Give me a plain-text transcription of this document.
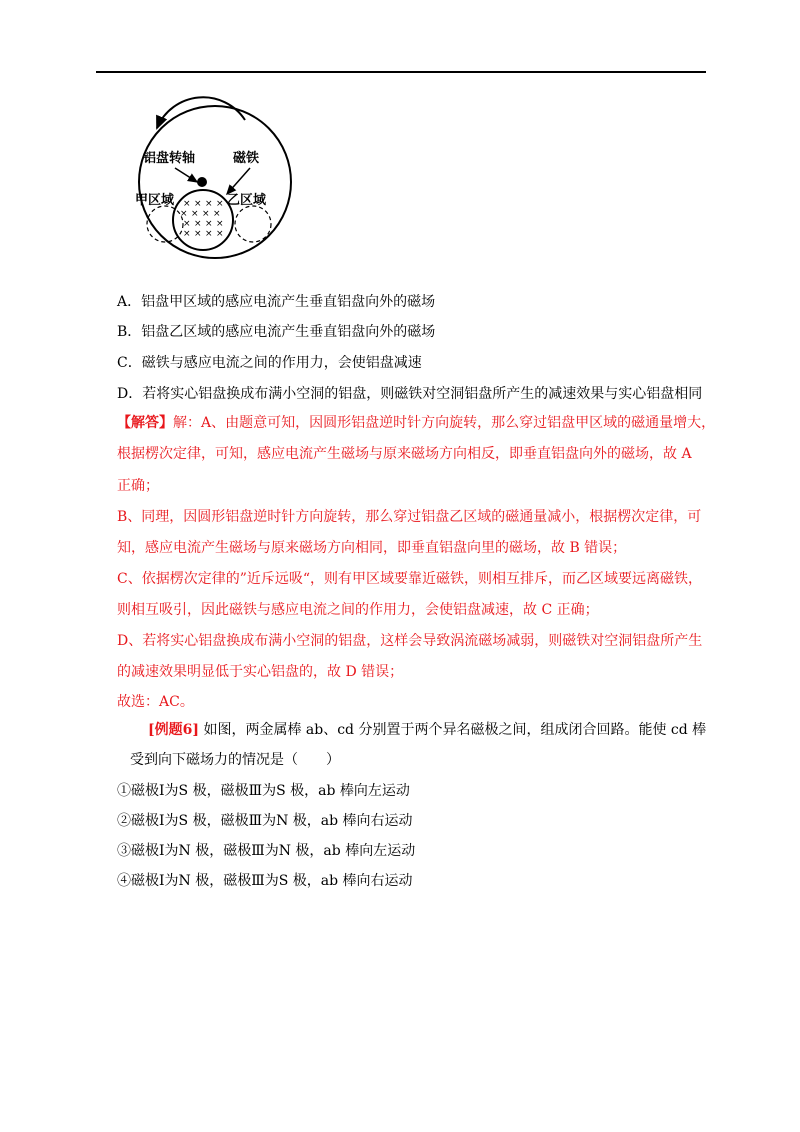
铝盘转轴	磁铁
甲区域	乙区域
× × × ×
× × × ×
× × × ×
× × × ×
A．铝盘甲区域的感应电流产生垂直铝盘向外的磁场
B．铝盘乙区域的感应电流产生垂直铝盘向外的磁场
C．磁铁与感应电流之间的作用力，会使铝盘减速
D．若将实心铝盘换成布满小空洞的铝盘，则磁铁对空洞铝盘所产生的减速效果与实心铝盘相同
【解答】解：A、由题意可知，因圆形铝盘逆时针方向旋转，那么穿过铝盘甲区域的磁通量增大，
根据楞次定律，可知，感应电流产生磁场与原来磁场方向相反，即垂直铝盘向外的磁场，故 A
正确；
B、同理，因圆形铝盘逆时针方向旋转，那么穿过铝盘乙区域的磁通量减小，根据楞次定律，可
知，感应电流产生磁场与原来磁场方向相同，即垂直铝盘向里的磁场，故 B 错误；
C、依据楞次定律的”近斥远吸“，则有甲区域要靠近磁铁，则相互排斥，而乙区域要远离磁铁，
则相互吸引，因此磁铁与感应电流之间的作用力，会使铝盘减速，故 C 正确；
D、若将实心铝盘换成布满小空洞的铝盘，这样会导致涡流磁场减弱，则磁铁对空洞铝盘所产生
的减速效果明显低于实心铝盘的，故 D 错误；
故选：AC。
[例题6] 如图，两金属棒 ab、cd 分别置于两个异名磁极之间，组成闭合回路。能使 cd 棒
受到向下磁场力的情况是（　　）
①磁极Ⅰ为S 极，磁极Ⅲ为S 极，ab 棒向左运动
②磁极Ⅰ为S 极，磁极Ⅲ为N 极，ab 棒向右运动
③磁极Ⅰ为N 极，磁极Ⅲ为N 极，ab 棒向左运动
④磁极Ⅰ为N 极，磁极Ⅲ为S 极，ab 棒向右运动
